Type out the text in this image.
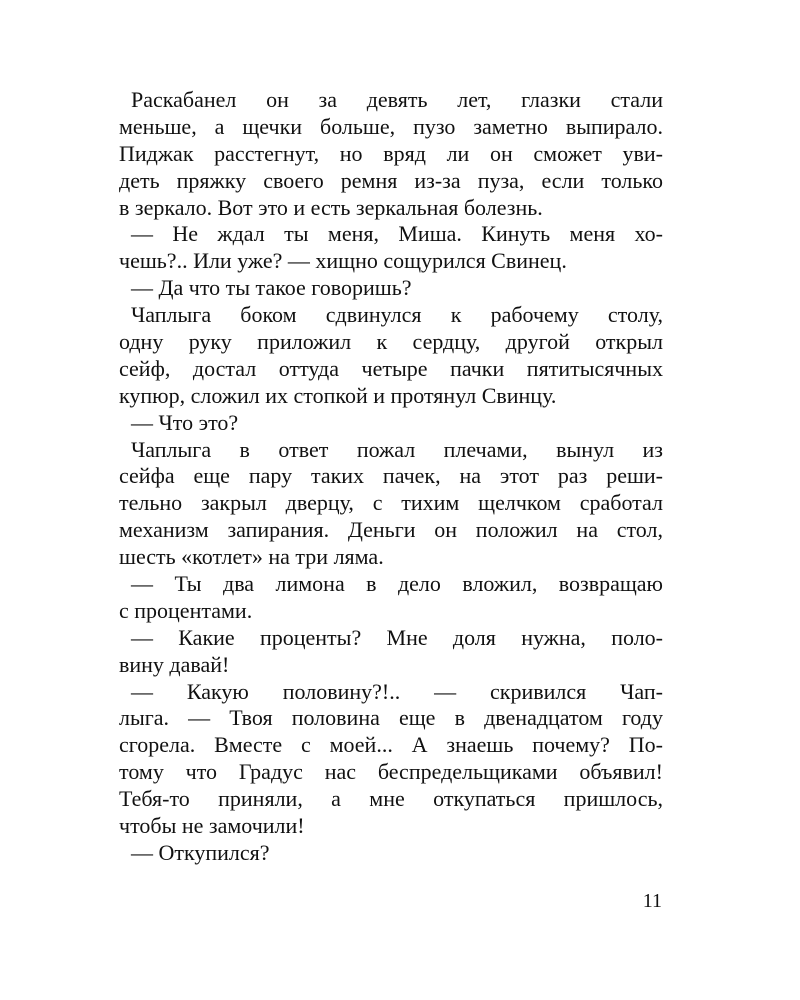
Раскабанел он за девять лет, глазки стали
меньше, а щечки больше, пузо заметно выпирало.
Пиджак расстегнут, но вряд ли он сможет уви-
деть пряжку своего ремня из-за пуза, если только
в зеркало. Вот это и есть зеркальная болезнь.
— Не ждал ты меня, Миша. Кинуть меня хо-
чешь?.. Или уже? — хищно сощурился Свинец.
— Да что ты такое говоришь?
Чаплыга боком сдвинулся к рабочему столу,
одну руку приложил к сердцу, другой открыл
сейф, достал оттуда четыре пачки пятитысячных
купюр, сложил их стопкой и протянул Свинцу.
— Что это?
Чаплыга в ответ пожал плечами, вынул из
сейфа еще пару таких пачек, на этот раз реши-
тельно закрыл дверцу, с тихим щелчком сработал
механизм запирания. Деньги он положил на стол,
шесть «котлет» на три ляма.
— Ты два лимона в дело вложил, возвращаю
с процентами.
— Какие проценты? Мне доля нужна, поло-
вину давай!
— Какую половину?!.. — скривился Чап-
лыга. — Твоя половина еще в двенадцатом году
сгорела. Вместе с моей... А знаешь почему? По-
тому что Градус нас беспредельщиками объявил!
Тебя-то приняли, а мне откупаться пришлось,
чтобы не замочили!
— Откупился?
11
